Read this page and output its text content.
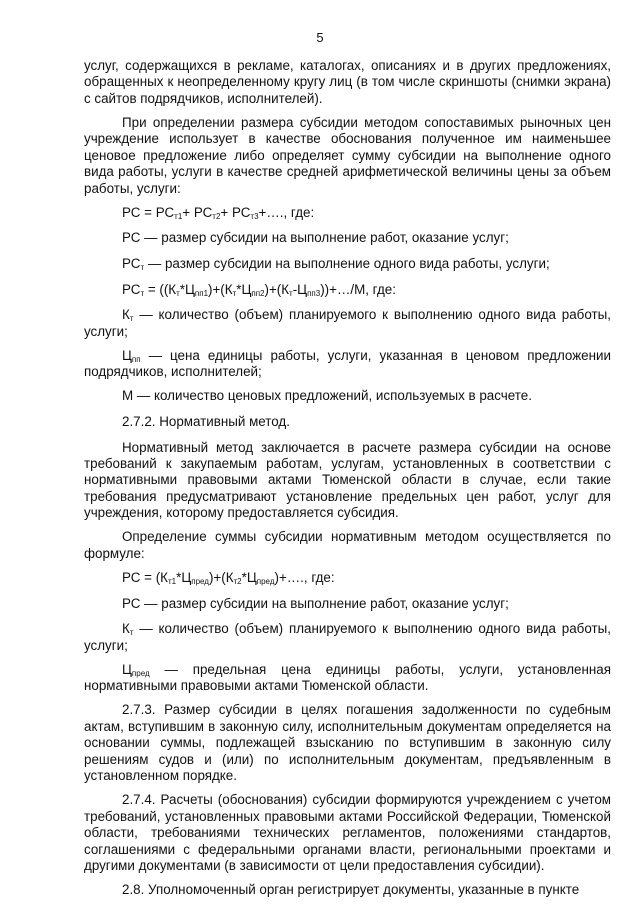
5

услуг, содержащихся в рекламе, каталогах, описаниях и в других предложениях, обращенных к неопределенному кругу лиц (в том числе скриншоты (снимки экрана) с сайтов подрядчиков, исполнителей).

При определении размера субсидии методом сопоставимых рыночных цен учреждение использует в качестве обоснования полученное им наименьшее ценовое предложение либо определяет сумму субсидии на выполнение одного вида работы, услуги в качестве средней арифметической величины цены за объем работы, услуги:

РС = $РС_{т1}+ РС_{т2}+$ $РС_{т3}+\dots$., где:

РС — размер субсидии на выполнение работ, оказание услуг;

$РС_т$ — размер субсидии на выполнение одного вида работы, услуги;

$РС_т$ = $((К_т*Ц_{пп1})+(К_т*Ц_{пп2})+(К_т-Ц_{пп3}))+\dots/М$, где:

$К_т$ — количество (объем) планируемого к выполнению одного вида работы, услуги;

$Ц_{пп}$ — цена единицы работы, услуги, указанная в ценовом предложении подрядчиков, исполнителей;

М — количество ценовых предложений, используемых в расчете.

2.7.2. Нормативный метод.

Нормативный метод заключается в расчете размера субсидии на основе требований к закупаемым работам, услугам, установленных в соответствии с нормативными правовыми актами Тюменской области в случае, если такие требования предусматривают установление предельных цен работ, услуг для учреждения, которому предоставляется субсидия.

Определение суммы субсидии нормативным методом осуществляется по формуле:

РС = $(К_{т1}*Ц_{пред})+(К_{т2}*Ц_{пред})+\dots$., где:

РС — размер субсидии на выполнение работ, оказание услуг;

$К_т$ — количество (объем) планируемого к выполнению одного вида работы, услуги;

$Ц_{пред}$ — предельная цена единицы работы, услуги, установленная нормативными правовыми актами Тюменской области.

2.7.3. Размер субсидии в целях погашения задолженности по судебным актам, вступившим в законную силу, исполнительным документам определяется на основании суммы, подлежащей взысканию по вступившим в законную силу решениям судов и (или) по исполнительным документам, предъявленным в установленном порядке.

2.7.4. Расчеты (обоснования) субсидии формируются учреждением с учетом требований, установленных правовыми актами Российской Федерации, Тюменской области, требованиями технических регламентов, положениями стандартов, соглашениями с федеральными органами власти, региональными проектами и другими документами (в зависимости от цели предоставления субсидии).

2.8. Уполномоченный орган регистрирует документы, указанные в пункте
